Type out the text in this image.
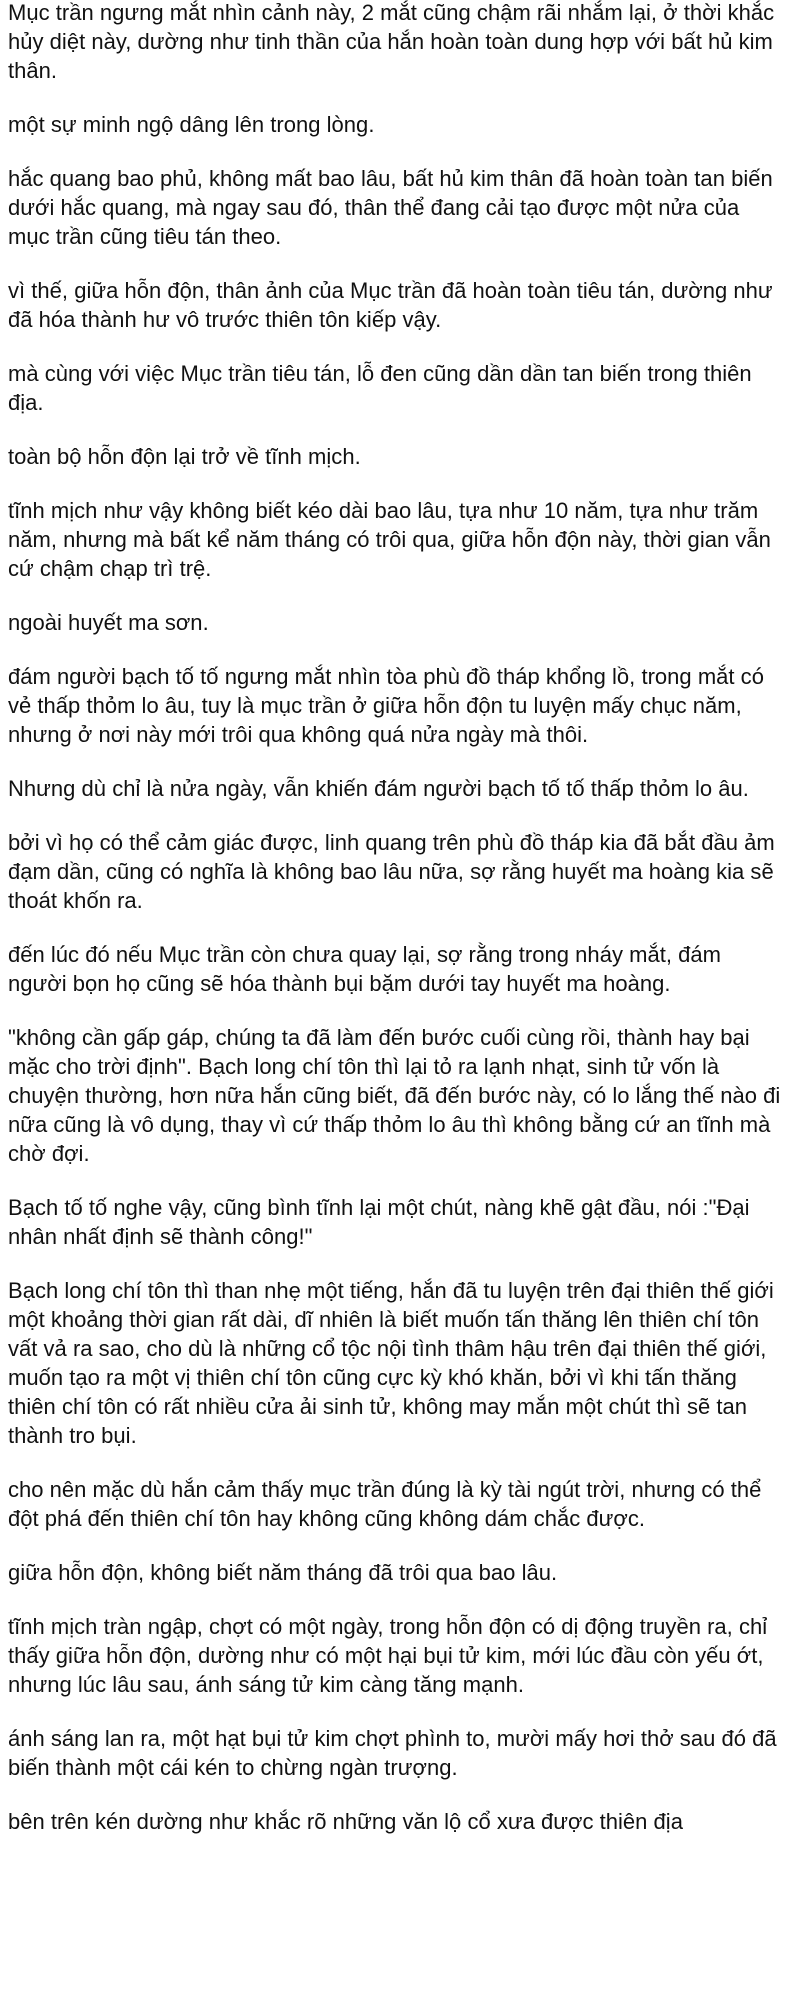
Mục trần ngưng mắt nhìn cảnh này, 2 mắt cũng chậm rãi nhắm lại, ở thời khắc hủy diệt này, dường như tinh thần của hắn hoàn toàn dung hợp với bất hủ kim thân.

một sự minh ngộ dâng lên trong lòng.

hắc quang bao phủ, không mất bao lâu, bất hủ kim thân đã hoàn toàn tan biến dưới hắc quang, mà ngay sau đó, thân thể đang cải tạo được một nửa của mục trần cũng tiêu tán theo.

vì thế, giữa hỗn độn, thân ảnh của Mục trần đã hoàn toàn tiêu tán, dường như đã hóa thành hư vô trước thiên tôn kiếp vậy.

mà cùng với việc Mục trần tiêu tán, lỗ đen cũng dần dần tan biến trong thiên địa.

toàn bộ hỗn độn lại trở về tĩnh mịch.

tĩnh mịch như vậy không biết kéo dài bao lâu, tựa như 10 năm, tựa như trăm năm, nhưng mà bất kể năm tháng có trôi qua, giữa hỗn độn này, thời gian vẫn cứ chậm chạp trì trệ.

ngoài huyết ma sơn.

đám người bạch tố tố ngưng mắt nhìn tòa phù đồ tháp khổng lồ, trong mắt có vẻ thấp thỏm lo âu, tuy là mục trần ở giữa hỗn độn tu luyện mấy chục năm, nhưng ở nơi này mới trôi qua không quá nửa ngày mà thôi.

Nhưng dù chỉ là nửa ngày, vẫn khiến đám người bạch tố tố thấp thỏm lo âu.

bởi vì họ có thể cảm giác được, linh quang trên phù đồ tháp kia đã bắt đầu ảm đạm dần, cũng có nghĩa là không bao lâu nữa, sợ rằng huyết ma hoàng kia sẽ thoát khốn ra.

đến lúc đó nếu Mục trần còn chưa quay lại, sợ rằng trong nháy mắt, đám người bọn họ cũng sẽ hóa thành bụi bặm dưới tay huyết ma hoàng.

"không cần gấp gáp, chúng ta đã làm đến bước cuối cùng rồi, thành hay bại mặc cho trời định". Bạch long chí tôn thì lại tỏ ra lạnh nhạt, sinh tử vốn là chuyện thường, hơn nữa hắn cũng biết, đã đến bước này, có lo lắng thế nào đi nữa cũng là vô dụng, thay vì cứ thấp thỏm lo âu thì không bằng cứ an tĩnh mà chờ đợi.

Bạch tố tố nghe vậy, cũng bình tĩnh lại một chút, nàng khẽ gật đầu, nói :"Đại nhân nhất định sẽ thành công!"

Bạch long chí tôn thì than nhẹ một tiếng, hắn đã tu luyện trên đại thiên thế giới một khoảng thời gian rất dài, dĩ nhiên là biết muốn tấn thăng lên thiên chí tôn vất vả ra sao, cho dù là những cổ tộc nội tình thâm hậu trên đại thiên thế giới, muốn tạo ra một vị thiên chí tôn cũng cực kỳ khó khăn, bởi vì khi tấn thăng thiên chí tôn có rất nhiều cửa ải sinh tử, không may mắn một chút thì sẽ tan thành tro bụi.

cho nên mặc dù hắn cảm thấy mục trần đúng là kỳ tài ngút trời, nhưng có thể đột phá đến thiên chí tôn hay không cũng không dám chắc được.

giữa hỗn độn, không biết năm tháng đã trôi qua bao lâu.

tĩnh mịch tràn ngập, chợt có một ngày, trong hỗn độn có dị động truyền ra, chỉ thấy giữa hỗn độn, dường như có một hại bụi tử kim, mới lúc đầu còn yếu ớt, nhưng lúc lâu sau, ánh sáng tử kim càng tăng mạnh.

ánh sáng lan ra, một hạt bụi tử kim chợt phình to, mười mấy hơi thở sau đó đã biến thành một cái kén to chừng ngàn trượng.

bên trên kén dường như khắc rõ những văn lộ cổ xưa được thiên địa
